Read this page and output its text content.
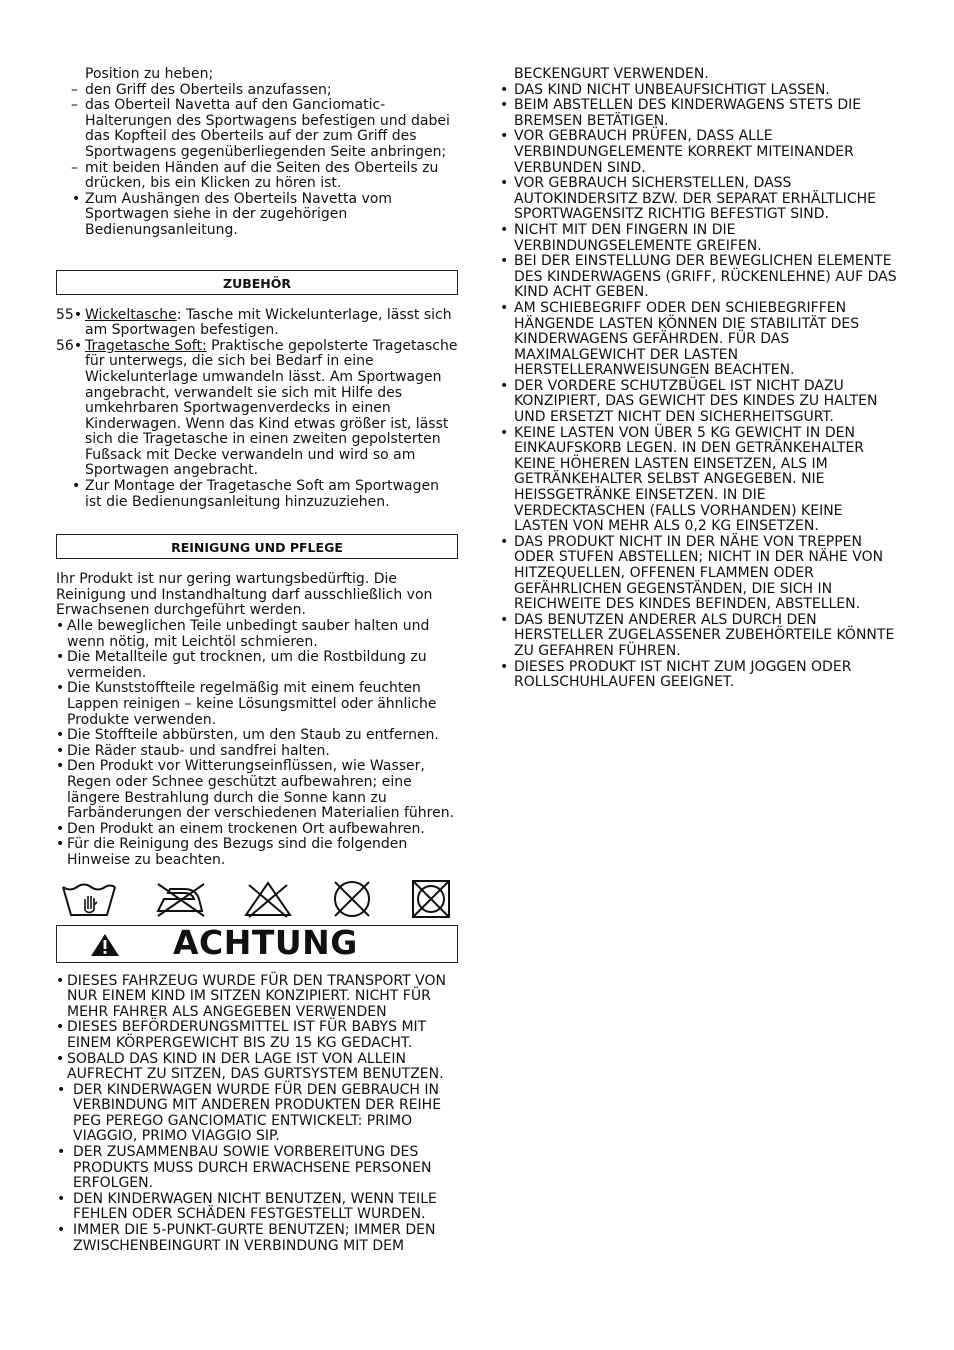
Position zu heben;

– den Griff des Oberteils anzufassen;

– das Oberteil Navetta auf den Ganciomatic-Halterungen des Sportwagens befestigen und dabei das Kopfteil des Oberteils auf der zum Griff des Sportwagens gegenüberliegenden Seite anbringen;

– mit beiden Händen auf die Seiten des Oberteils zu drücken, bis ein Klicken zu hören ist.

• Zum Aushängen des Oberteils Navetta vom Sportwagen siehe in der zugehörigen Bedienungsanleitung.

ZUBEHÖR

55• Wickeltasche: Tasche mit Wickelunterlage, lässt sich am Sportwagen befestigen.

56• Tragetasche Soft: Praktische gepolsterte Tragetasche für unterwegs, die sich bei Bedarf in eine Wickelunterlage umwandeln lässt. Am Sportwagen angebracht, verwandelt sie sich mit Hilfe des umkehrbaren Sportwagenverdecks in einen Kinderwagen. Wenn das Kind etwas größer ist, lässt sich die Tragetasche in einen zweiten gepolsterten Fußsack mit Decke verwandeln und wird so am Sportwagen angebracht.

• Zur Montage der Tragetasche Soft am Sportwagen ist die Bedienungsanleitung hinzuzuziehen.

REINIGUNG UND PFLEGE

Ihr Produkt ist nur gering wartungsbedürftig. Die Reinigung und Instandhaltung darf ausschließlich von Erwachsenen durchgeführt werden.

• Alle beweglichen Teile unbedingt sauber halten und wenn nötig, mit Leichtöl schmieren.

• Die Metallteile gut trocknen, um die Rostbildung zu vermeiden.

• Die Kunststoffteile regelmäßig mit einem feuchten Lappen reinigen – keine Lösungsmittel oder ähnliche Produkte verwenden.

• Die Stoffteile abbürsten, um den Staub zu entfernen.

• Die Räder staub- und sandfrei halten.

• Den Produkt vor Witterungseinflüssen, wie Wasser, Regen oder Schnee geschützt aufbewahren; eine längere Bestrahlung durch die Sonne kann zu Farbänderungen der verschiedenen Materialien führen.

• Den Produkt an einem trockenen Ort aufbewahren.

• Für die Reinigung des Bezugs sind die folgenden Hinweise zu beachten.

ACHTUNG

• DIESES FAHRZEUG WURDE FÜR DEN TRANSPORT VON NUR EINEM KIND IM SITZEN KONZIPIERT. NICHT FÜR MEHR FAHRER ALS ANGEGEBEN VERWENDEN

• DIESES BEFÖRDERUNGSMITTEL IST FÜR BABYS MIT EINEM KÖRPERGEWICHT BIS ZU 15 KG GEDACHT.

• SOBALD DAS KIND IN DER LAGE IST VON ALLEIN AUFRECHT ZU SITZEN, DAS GURTSYSTEM BENUTZEN.

• DER KINDERWAGEN WURDE FÜR DEN GEBRAUCH IN VERBINDUNG MIT ANDEREN PRODUKTEN DER REIHE PEG PEREGO GANCIOMATIC ENTWICKELT: PRIMO VIAGGIO, PRIMO VIAGGIO SIP.

• DER ZUSAMMENBAU SOWIE VORBEREITUNG DES PRODUKTS MUSS DURCH ERWACHSENE PERSONEN ERFOLGEN.

• DEN KINDERWAGEN NICHT BENUTZEN, WENN TEILE FEHLEN ODER SCHÄDEN FESTGESTELLT WURDEN.

• IMMER DIE 5-PUNKT-GURTE BENUTZEN; IMMER DEN ZWISCHENBEINGURT IN VERBINDUNG MIT DEM

BECKENGURT VERWENDEN.

• DAS KIND NICHT UNBEAUFSICHTIGT LASSEN.

• BEIM ABSTELLEN DES KINDERWAGENS STETS DIE BREMSEN BETÄTIGEN.

• VOR GEBRAUCH PRÜFEN, DASS ALLE VERBINDUNGELEMENTE KORREKT MITEINANDER VERBUNDEN SIND.

• VOR GEBRAUCH SICHERSTELLEN, DASS AUTOKINDERSITZ BZW. DER SEPARAT ERHÄLTLICHE SPORTWAGENSITZ RICHTIG BEFESTIGT SIND.

• NICHT MIT DEN FINGERN IN DIE VERBINDUNGSELEMENTE GREIFEN.

• BEI DER EINSTELLUNG DER BEWEGLICHEN ELEMENTE DES KINDERWAGENS (GRIFF, RÜCKENLEHNE) AUF DAS KIND ACHT GEBEN.

• AM SCHIEBEGRIFF ODER DEN SCHIEBEGRIFFEN HÄNGENDE LASTEN KÖNNEN DIE STABILITÄT DES KINDERWAGENS GEFÄHRDEN. FÜR DAS MAXIMALGEWICHT DER LASTEN HERSTELLERANWEISUNGEN BEACHTEN.

• DER VORDERE SCHUTZBÜGEL IST NICHT DAZU KONZIPIERT, DAS GEWICHT DES KINDES ZU HALTEN UND ERSETZT NICHT DEN SICHERHEITSGURT.

• KEINE LASTEN VON ÜBER 5 KG GEWICHT IN DEN EINKAUFSKORB LEGEN. IN DEN GETRÄNKEHALTER KEINE HÖHEREN LASTEN EINSETZEN, ALS IM GETRÄNKEHALTER SELBST ANGEGEBEN. NIE HEISSGETRÄNKE EINSETZEN. IN DIE VERDECKTASCHEN (FALLS VORHANDEN) KEINE LASTEN VON MEHR ALS 0,2 KG EINSETZEN.

• DAS PRODUKT NICHT IN DER NÄHE VON TREPPEN ODER STUFEN ABSTELLEN; NICHT IN DER NÄHE VON HITZEQUELLEN, OFFENEN FLAMMEN ODER GEFÄHRLICHEN GEGENSTÄNDEN, DIE SICH IN REICHWEITE DES KINDES BEFINDEN, ABSTELLEN.

• DAS BENUTZEN ANDERER ALS DURCH DEN HERSTELLER ZUGELASSENER ZUBEHÖRTEILE KÖNNTE ZU GEFAHREN FÜHREN.

• DIESES PRODUKT IST NICHT ZUM JOGGEN ODER ROLLSCHUHLAUFEN GEEIGNET.
